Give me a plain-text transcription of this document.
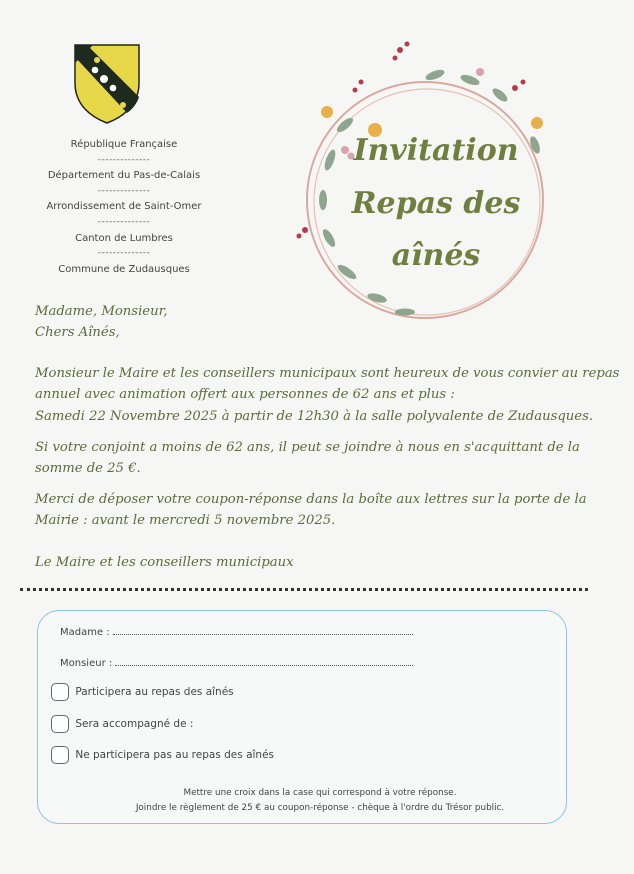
République Française
--------------
Département du Pas-de-Calais
--------------
Arrondissement de Saint-Omer
--------------
Canton de Lumbres
--------------
Commune de Zudausques
Invitation
Repas des
aînés
Madame, Monsieur,
Chers Aînés,
Monsieur le Maire et les conseillers municipaux sont heureux de vous convier au repas
annuel avec animation offert aux personnes de 62 ans et plus :
Samedi 22 Novembre 2025 à partir de 12h30 à la salle polyvalente de Zudausques.
Si votre conjoint a moins de 62 ans, il peut se joindre à nous en s'acquittant de la
somme de 25 €.
Merci de déposer votre coupon-réponse dans la boîte aux lettres sur la porte de la
Mairie : avant le mercredi 5 novembre 2025.
Le Maire et les conseillers municipaux
Madame :
Monsieur :
Participera au repas des aînés
Sera accompagné de :
Ne participera pas au repas des aînés
Mettre une croix dans la case qui correspond à votre réponse.
Joindre le règlement de 25 € au coupon-réponse - chèque à l'ordre du Trésor public.
